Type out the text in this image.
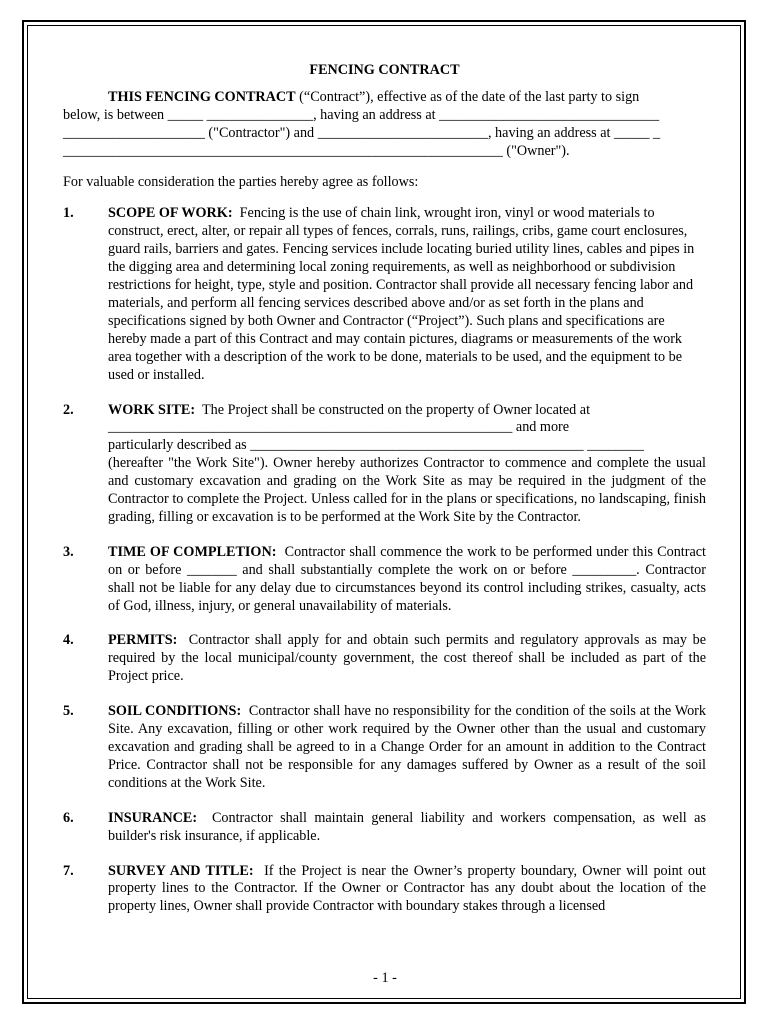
FENCING CONTRACT

THIS FENCING CONTRACT (“Contract”), effective as of the date of the last party to sign

below, is between _____ _______________, having an address at _______________________________

____________________ ("Contractor") and ________________________, having an address at _____ _

______________________________________________________________ ("Owner").

For valuable consideration the parties hereby agree as follows:
1. SCOPE OF WORK: Fencing is the use of chain link, wrought iron, vinyl or wood materials to construct, erect, alter, or repair all types of fences, corrals, runs, railings, cribs, game court enclosures, guard rails, barriers and gates. Fencing services include locating buried utility lines, cables and pipes in the digging area and determining local zoning requirements, as well as neighborhood or subdivision restrictions for height, type, style and position. Contractor shall provide all necessary fencing labor and materials, and perform all fencing services described above and/or as set forth in the plans and specifications signed by both Owner and Contractor (“Project”). Such plans and specifications are hereby made a part of this Contract and may contain pictures, diagrams or measurements of the work area together with a description of the work to be done, materials to be used, and the equipment to be used or installed.
2. WORK SITE: The Project shall be constructed on the property of Owner located at
_________________________________________________________ and more
particularly described as _______________________________________________ ________
(hereafter "the Work Site"). Owner hereby authorizes Contractor to commence and complete the usual and customary excavation and grading on the Work Site as may be required in the judgment of the Contractor to complete the Project. Unless called for in the plans or specifications, no landscaping, finish grading, filling or excavation is to be performed at the Work Site by the Contractor.
3. TIME OF COMPLETION: Contractor shall commence the work to be performed under this Contract on or before _______ and shall substantially complete the work on or before _________. Contractor shall not be liable for any delay due to circumstances beyond its control including strikes, casualty, acts of God, illness, injury, or general unavailability of materials.
4. PERMITS: Contractor shall apply for and obtain such permits and regulatory approvals as may be required by the local municipal/county government, the cost thereof shall be included as part of the Project price.
5. SOIL CONDITIONS: Contractor shall have no responsibility for the condition of the soils at the Work Site. Any excavation, filling or other work required by the Owner other than the usual and customary excavation and grading shall be agreed to in a Change Order for an amount in addition to the Contract Price. Contractor shall not be responsible for any damages suffered by Owner as a result of the soil conditions at the Work Site.
6. INSURANCE: Contractor shall maintain general liability and workers compensation, as well as builder's risk insurance, if applicable.
7. SURVEY AND TITLE: If the Project is near the Owner’s property boundary, Owner will point out property lines to the Contractor. If the Owner or Contractor has any doubt about the location of the property lines, Owner shall provide Contractor with boundary stakes through a licensed
- 1 -
